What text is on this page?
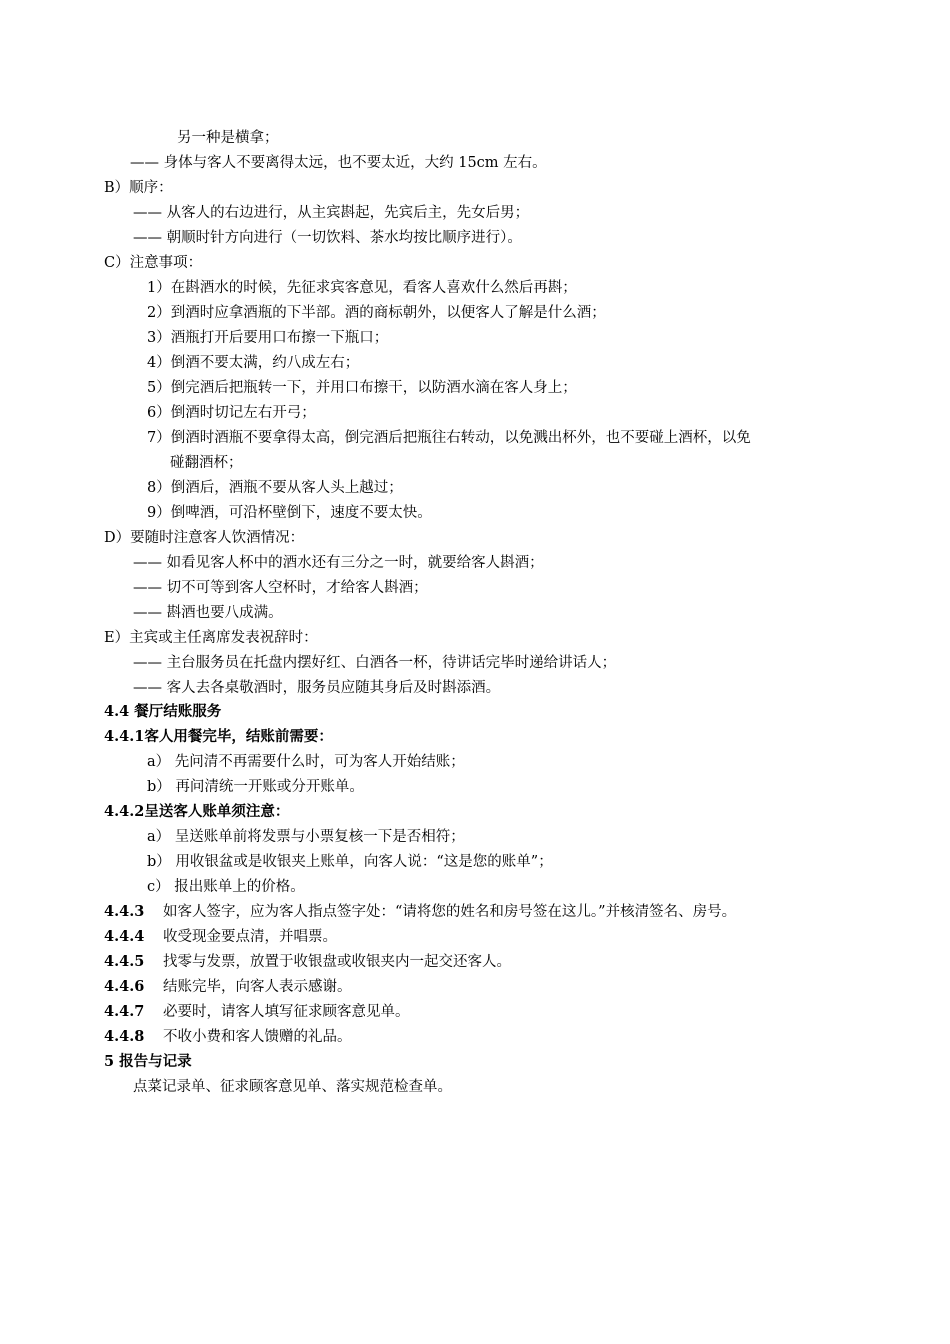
另一种是横拿；
—— 身体与客人不要离得太远，也不要太近，大约 15cm 左右。
B）顺序：
—— 从客人的右边进行，从主宾斟起，先宾后主，先女后男；
—— 朝顺时针方向进行（一切饮料、茶水均按比顺序进行）。
C）注意事项：
1）在斟酒水的时候，先征求宾客意见，看客人喜欢什么然后再斟；
2）到酒时应拿酒瓶的下半部。酒的商标朝外，以便客人了解是什么酒；
3）酒瓶打开后要用口布擦一下瓶口；
4）倒酒不要太满，约八成左右；
5）倒完酒后把瓶转一下，并用口布擦干，以防酒水滴在客人身上；
6）倒酒时切记左右开弓；
7）倒酒时酒瓶不要拿得太高，倒完酒后把瓶往右转动，以免溅出杯外，也不要碰上酒杯，以免
碰翻酒杯；
8）倒酒后，酒瓶不要从客人头上越过；
9）倒啤酒，可沿杯壁倒下，速度不要太快。
D）要随时注意客人饮酒情况：
—— 如看见客人杯中的酒水还有三分之一时，就要给客人斟酒；
—— 切不可等到客人空杯时，才给客人斟酒；
—— 斟酒也要八成满。
E）主宾或主任离席发表祝辞时：
—— 主台服务员在托盘内摆好红、白酒各一杯，待讲话完毕时递给讲话人；
—— 客人去各桌敬酒时，服务员应随其身后及时斟添酒。
4.4 餐厅结账服务
4.4.1客人用餐完毕，结账前需要：
a） 先问清不再需要什么时，可为客人开始结账；
b） 再问清统一开账或分开账单。
4.4.2呈送客人账单须注意：
a） 呈送账单前将发票与小票复核一下是否相符；
b） 用收银盆或是收银夹上账单，向客人说：“这是您的账单”；
c） 报出账单上的价格。
4.4.3 如客人签字，应为客人指点签字处：“请将您的姓名和房号签在这儿。”并核清签名、房号。
4.4.4 收受现金要点清，并唱票。
4.4.5 找零与发票，放置于收银盘或收银夹内一起交还客人。
4.4.6 结账完毕，向客人表示感谢。
4.4.7 必要时，请客人填写征求顾客意见单。
4.4.8 不收小费和客人馈赠的礼品。
5 报告与记录
点菜记录单、征求顾客意见单、落实规范检查单。
